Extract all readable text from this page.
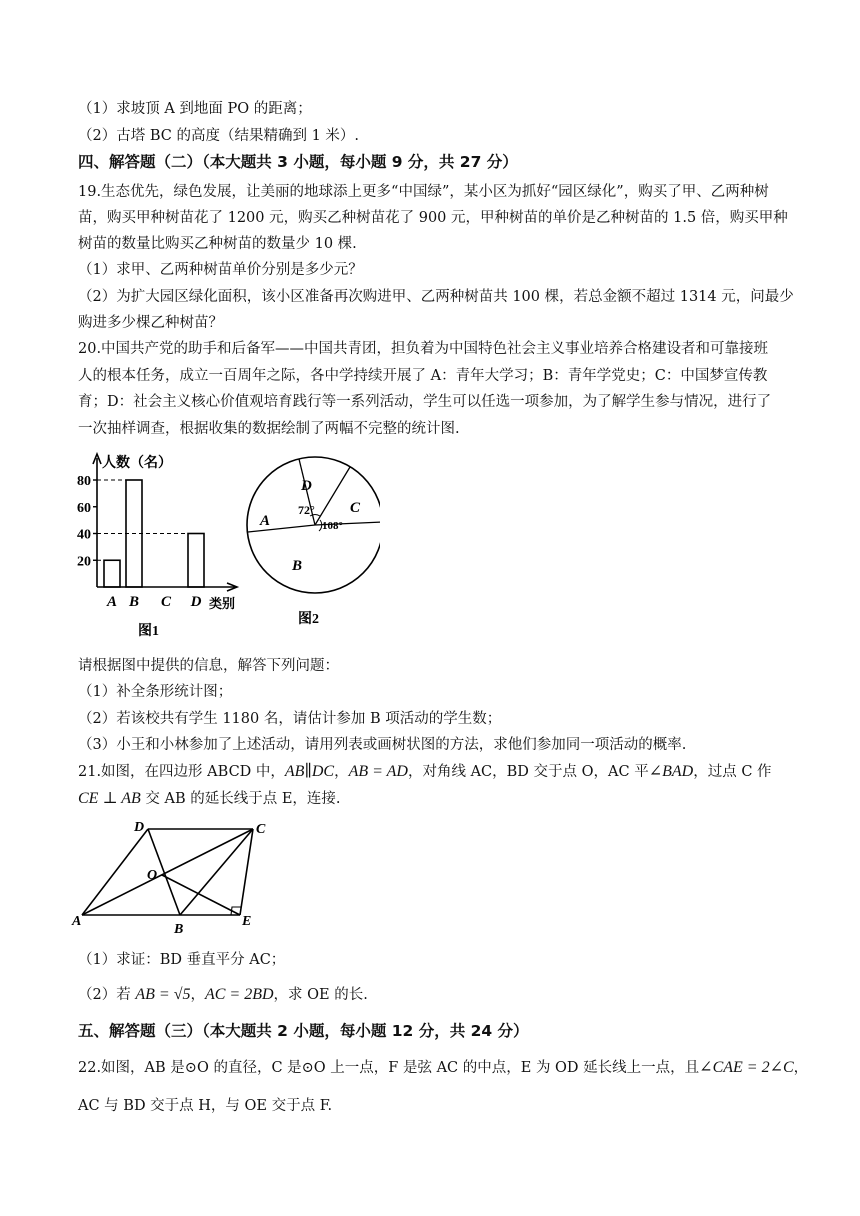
（1）求坡顶 A 到地面 PO 的距离；
（2）古塔 BC 的高度（结果精确到 1 米）.
四、解答题（二）（本大题共 3 小题，每小题 9 分，共 27 分）
19.生态优先，绿色发展，让美丽的地球添上更多“中国绿”，某小区为抓好“园区绿化”，购买了甲、乙两种树
苗，购买甲种树苗花了 1200 元，购买乙种树苗花了 900 元，甲种树苗的单价是乙种树苗的 1.5 倍，购买甲种
树苗的数量比购买乙种树苗的数量少 10 棵.
（1）求甲、乙两种树苗单价分别是多少元？
（2）为扩大园区绿化面积，该小区准备再次购进甲、乙两种树苗共 100 棵，若总金额不超过 1314 元，问最少
购进多少棵乙种树苗？
20.中国共产党的助手和后备军——中国共青团，担负着为中国特色社会主义事业培养合格建设者和可靠接班
人的根本任务，成立一百周年之际，各中学持续开展了 A：青年大学习；B：青年学党史；C：中国梦宣传教
育；D：社会主义核心价值观培育践行等一系列活动，学生可以任选一项参加，为了解学生参与情况，进行了
一次抽样调查，根据收集的数据绘制了两幅不完整的统计图.
20
40
60
80
A B C D
人数（名）
类别
图1
D
A
B
C
72°
108°
图2
请根据图中提供的信息，解答下列问题：
（1）补全条形统计图；
（2）若该校共有学生 1180 名，请估计参加 B 项活动的学生数；
（3）小王和小林参加了上述活动，请用列表或画树状图的方法，求他们参加同一项活动的概率.
21.如图，在四边形 ABCD 中，AB∥DC，AB = AD，对角线 AC，BD 交于点 O，AC 平∠BAD，过点 C 作
CE ⊥ AB 交 AB 的延长线于点 E，连接.
D	C
O
A
B
E
（1）求证：BD 垂直平分 AC；
（2）若 AB = √5，AC = 2BD，求 OE 的长.
五、解答题（三）（本大题共 2 小题，每小题 12 分，共 24 分）
22.如图，AB 是⊙O 的直径，C 是⊙O 上一点，F 是弦 AC 的中点，E 为 OD 延长线上一点，且∠CAE = 2∠C，
AC 与 BD 交于点 H，与 OE 交于点 F.
